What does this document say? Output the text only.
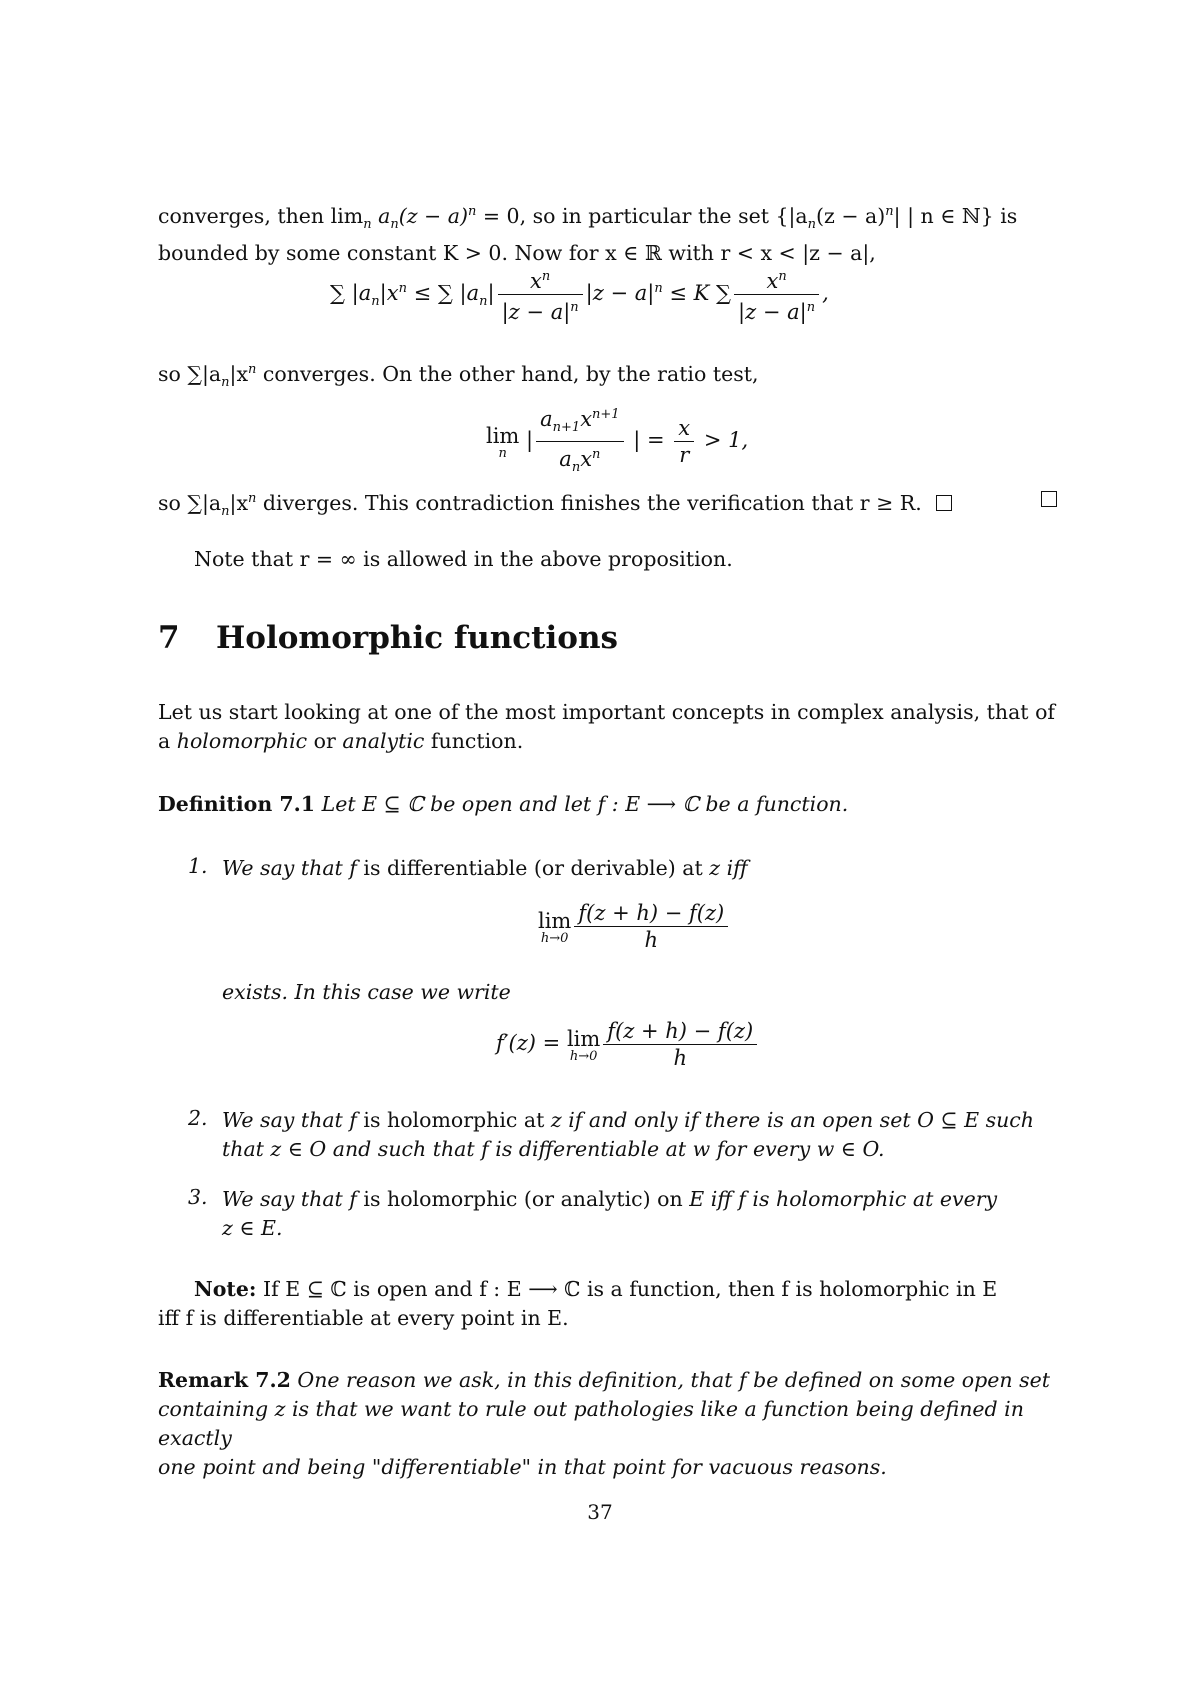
converges, then $\lim_n a_n(z - a)^n = 0$, so in particular the set {$|a_n(z - a)^n|$ | n ∈ ℕ} is
bounded by some constant K > 0. Now for x ∈ ℝ with r < x < |z − a|,
∑ $|a_n|x^n$ ≤ ∑ $|a_n| \frac{x^n}{|z - a|^n} |z - a|^n \le K$ ∑ $\frac{x^n}{|z - a|^n}$ ,
so $\sum|a_n|x^n$ converges. On the other hand, by the ratio test,
lim
n
| $\frac{a_{n+1}x^{n+1}}{a_nx^n}$ | = $\frac{x}{r} > 1$,
so $\sum|a_n|x^n$ diverges. This contradiction finishes the verification that r ≥ R.
Note that r = ∞ is allowed in the above proposition.
7 Holomorphic functions
Let us start looking at one of the most important concepts in complex analysis, that of
a holomorphic or analytic function.
Definition 7.1 Let E ⊆ ℂ be open and let f : E ⟶ ℂ be a function.
1. We say that f is differentiable (or derivable) at z iff
lim
$h\to 0 \frac{f(z + h) - f(z)}{h}$
exists. In this case we write
f′(z) = lim
$h\to 0 \frac{f(z + h) - f(z)}{h}$
2. We say that f is holomorphic at z if and only if there is an open set O ⊆ E such
that z ∈ O and such that f is differentiable at w for every w ∈ O.
3. We say that f is holomorphic (or analytic) on E iff f is holomorphic at every
z ∈ E.
Note: If E ⊆ ℂ is open and f : E ⟶ ℂ is a function, then f is holomorphic in E
iff f is differentiable at every point in E.
Remark 7.2 One reason we ask, in this definition, that f be defined on some open set
containing z is that we want to rule out pathologies like a function being defined in exactly
one point and being "differentiable" in that point for vacuous reasons.
37
